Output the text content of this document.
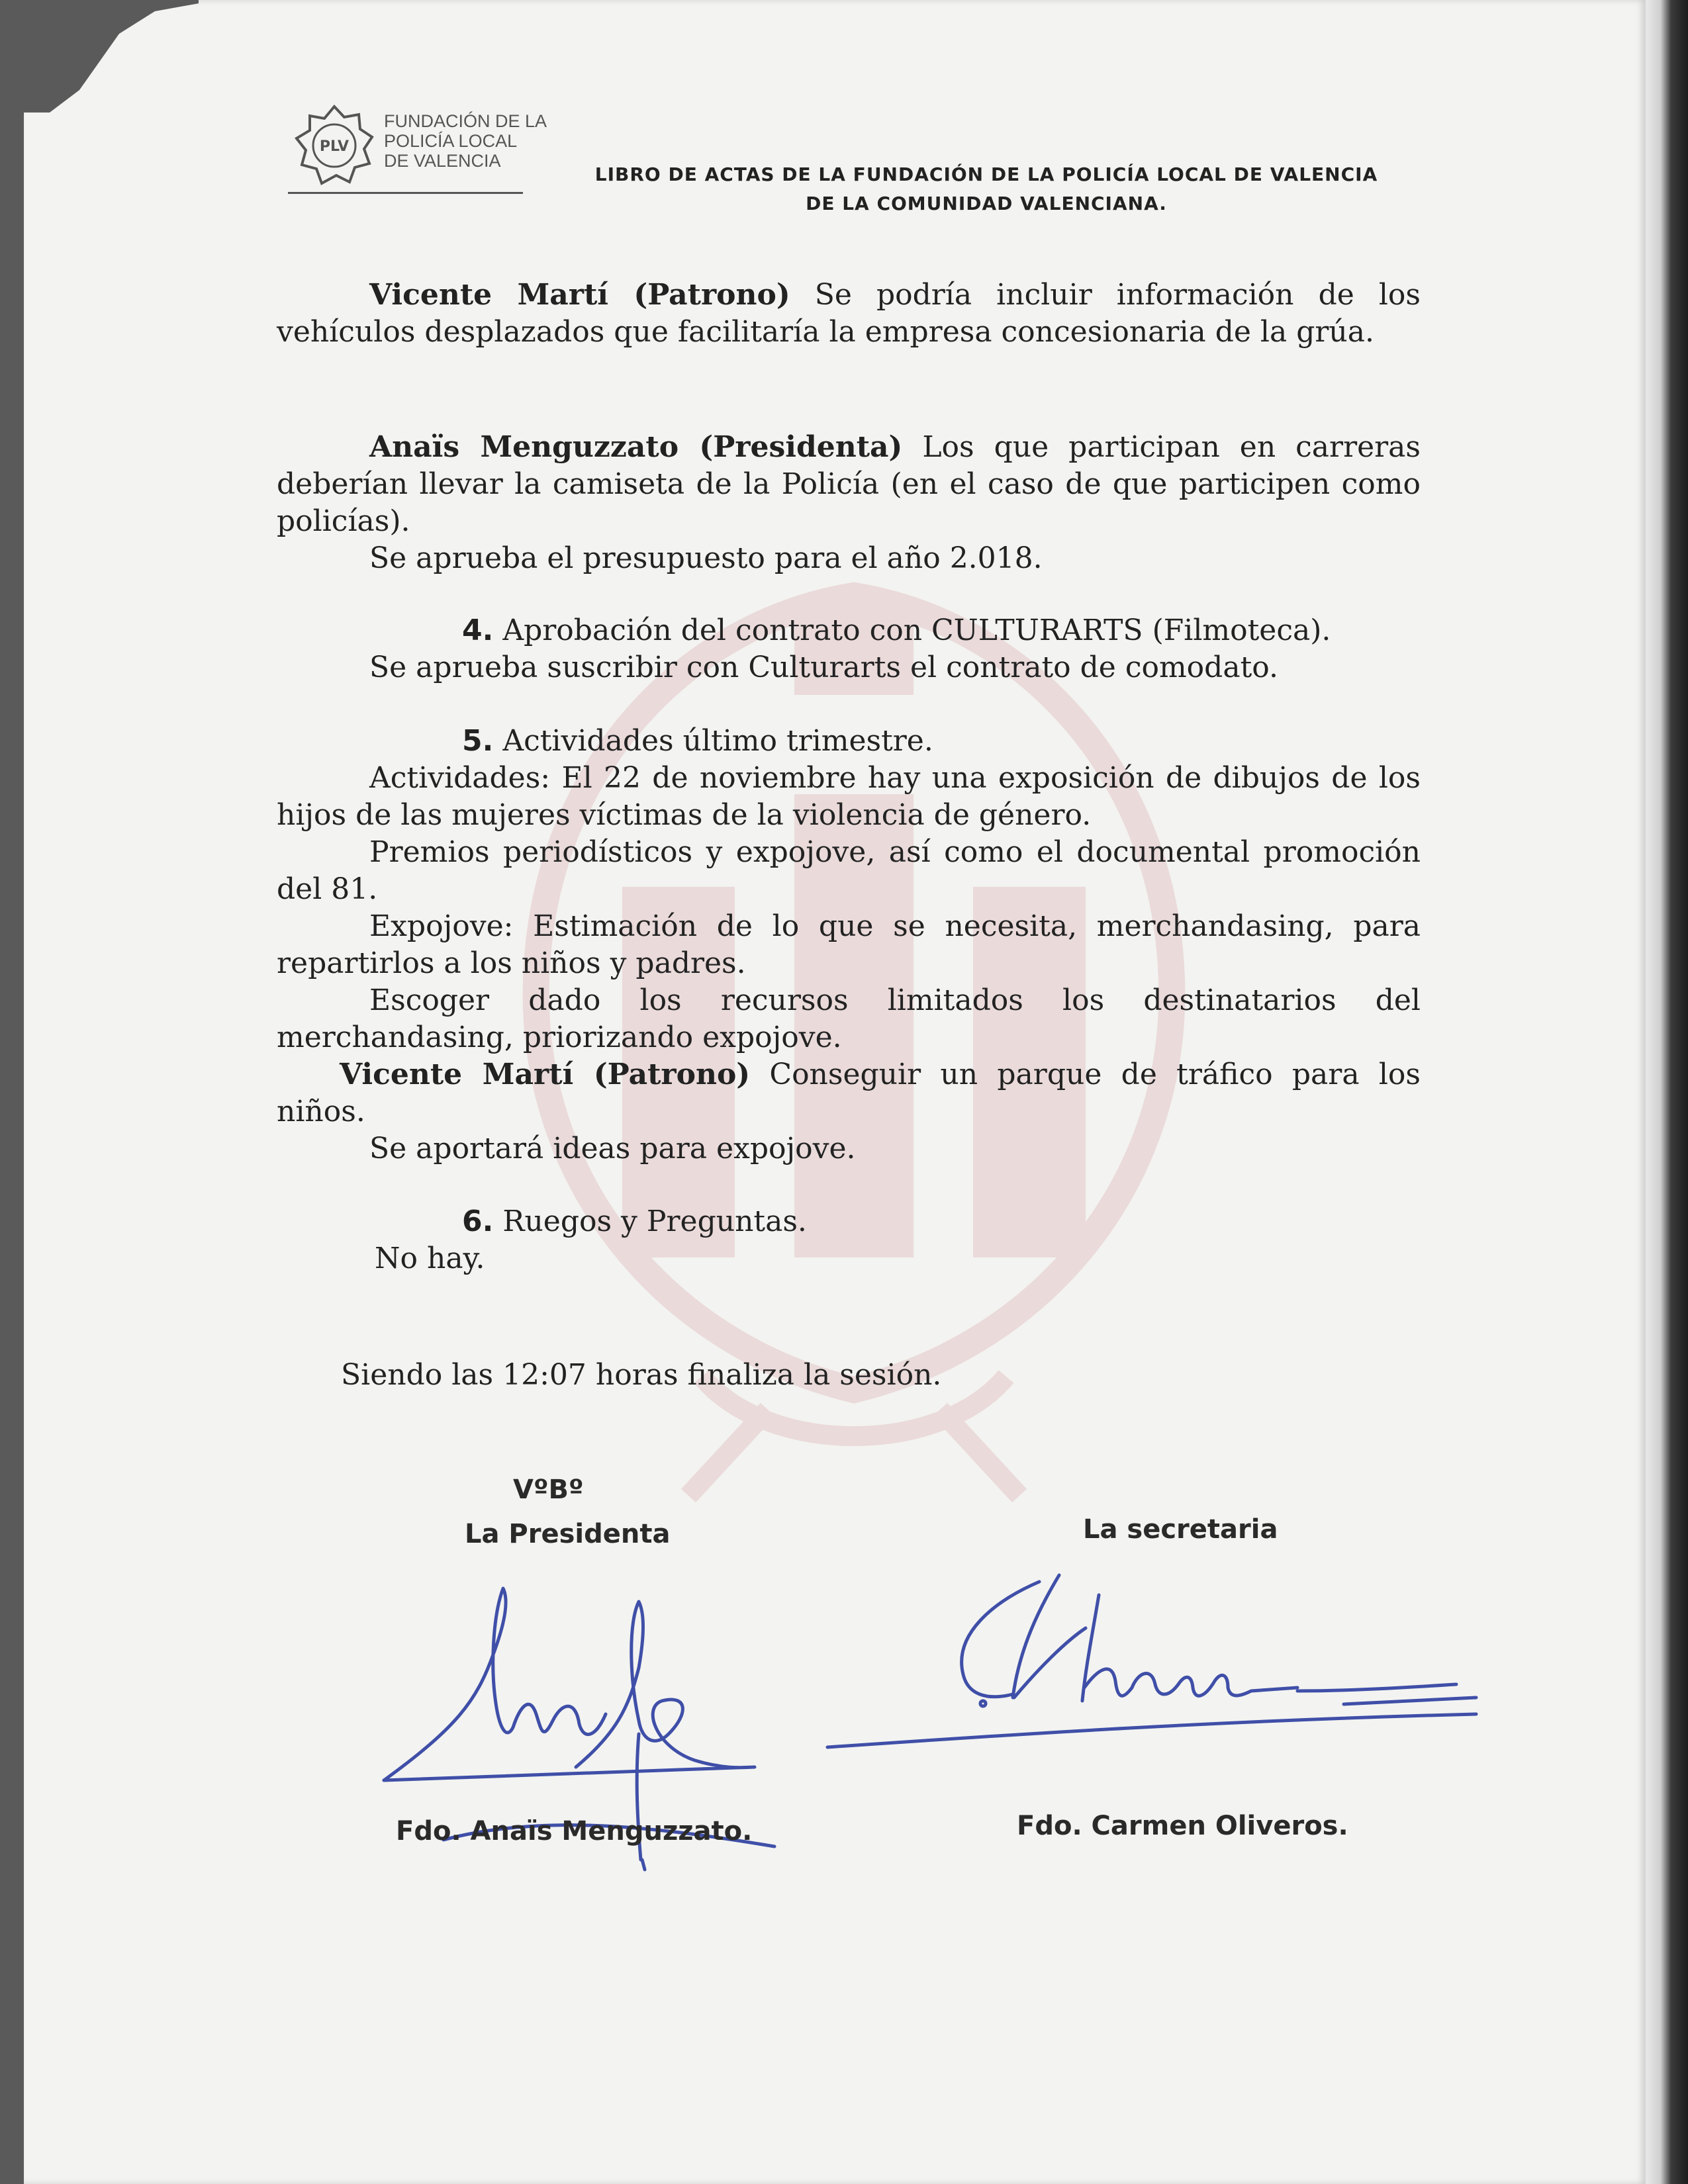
PLV
FUNDACIÓN DE LA
POLICÍA LOCAL
DE VALENCIA
LIBRO DE ACTAS DE LA FUNDACIÓN DE LA POLICÍA LOCAL DE VALENCIA
DE LA COMUNIDAD VALENCIANA.

Vicente Martí (Patrono) Se podría incluir información de los vehículos desplazados que facilitaría la empresa concesionaria de la grúa.

Anaïs Menguzzato (Presidenta) Los que participan en carreras deberían llevar la camiseta de la Policía (en el caso de que participen como policías).

Se aprueba el presupuesto para el año 2.018.

4. Aprobación del contrato con CULTURARTS (Filmoteca).

Se aprueba suscribir con Culturarts el contrato de comodato.

5. Actividades último trimestre.

Actividades: El 22 de noviembre hay una exposición de dibujos de los hijos de las mujeres víctimas de la violencia de género.

Premios periodísticos y expojove, así como el documental promoción del 81.

Expojove: Estimación de lo que se necesita, merchandasing, para repartirlos a los niños y padres.

Escoger dado los recursos limitados los destinatarios del merchandasing, priorizando expojove.

Vicente Martí (Patrono) Conseguir un parque de tráfico para los niños.

Se aportará ideas para expojove.

6. Ruegos y Preguntas.

No hay.

Siendo las 12:07 horas finaliza la sesión.
VºBº
La Presidenta	La secretaria
Fdo. Anaïs Menguzzato.	Fdo. Carmen Oliveros.
